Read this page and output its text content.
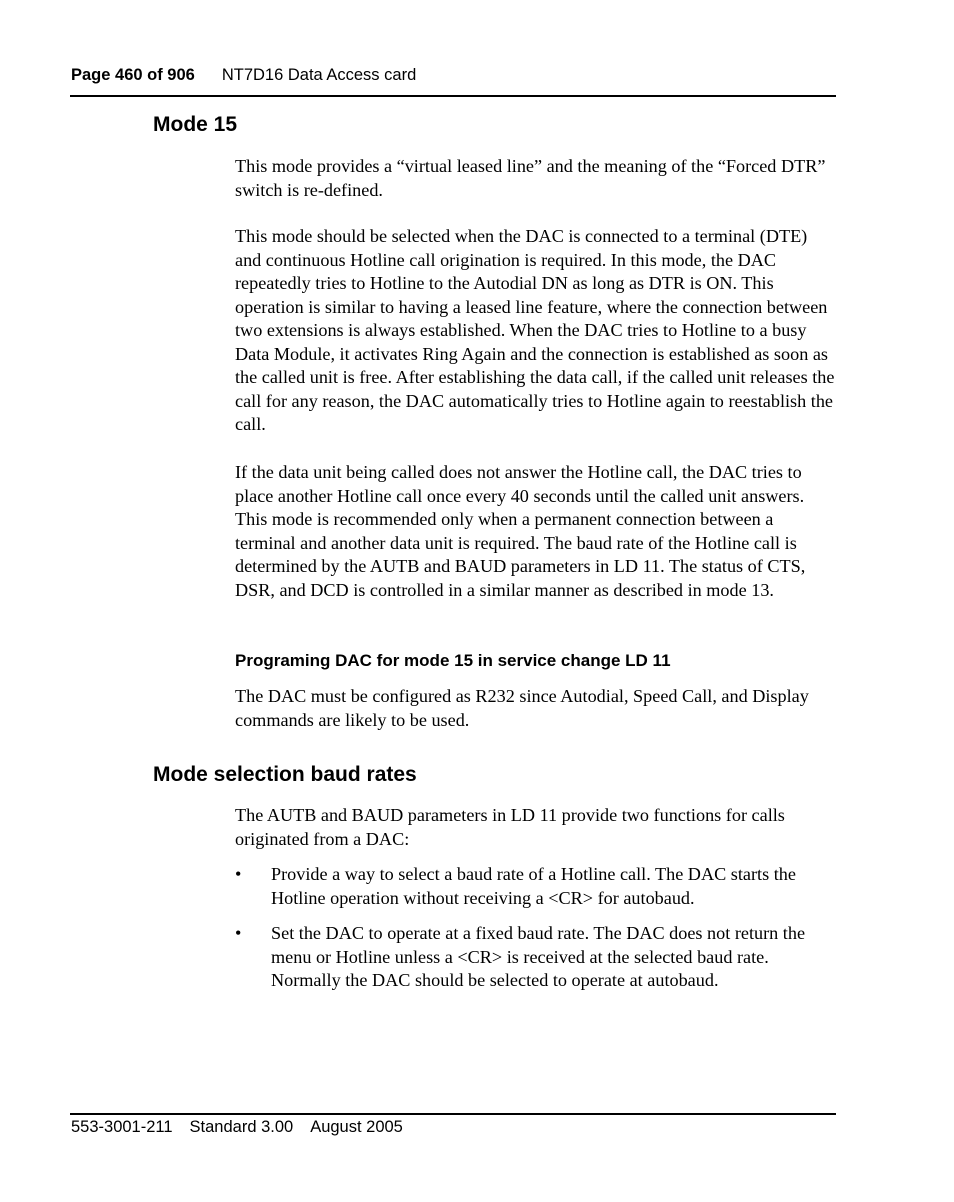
Page 460 of 906 NT7D16 Data Access card
Mode 15

This mode provides a “virtual leased line” and the meaning of the “Forced DTR” switch is re-defined.

This mode should be selected when the DAC is connected to a terminal (DTE) and continuous Hotline call origination is required. In this mode, the DAC repeatedly tries to Hotline to the Autodial DN as long as DTR is ON. This operation is similar to having a leased line feature, where the connection between two extensions is always established. When the DAC tries to Hotline to a busy Data Module, it activates Ring Again and the connection is established as soon as the called unit is free. After establishing the data call, if the called unit releases the call for any reason, the DAC automatically tries to Hotline again to reestablish the call.

If the data unit being called does not answer the Hotline call, the DAC tries to place another Hotline call once every 40 seconds until the called unit answers. This mode is recommended only when a permanent connection between a terminal and another data unit is required. The baud rate of the Hotline call is determined by the AUTB and BAUD parameters in LD 11. The status of CTS, DSR, and DCD is controlled in a similar manner as described in mode 13.

Programing DAC for mode 15 in service change LD 11

The DAC must be configured as R232 since Autodial, Speed Call, and Display commands are likely to be used.

Mode selection baud rates

The AUTB and BAUD parameters in LD 11 provide two functions for calls originated from a DAC:

• Provide a way to select a baud rate of a Hotline call. The DAC starts the Hotline operation without receiving a <CR> for autobaud.
• Set the DAC to operate at a fixed baud rate. The DAC does not return the menu or Hotline unless a <CR> is received at the selected baud rate. Normally the DAC should be selected to operate at autobaud.
553-3001-211 Standard 3.00 August 2005
